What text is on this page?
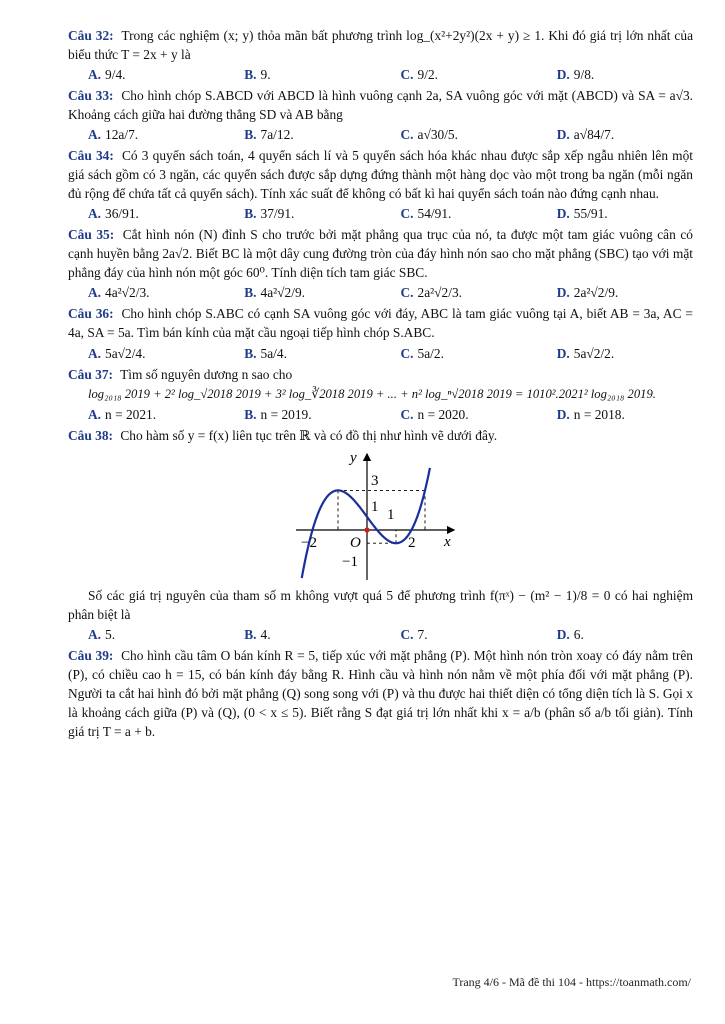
Câu 32: Trong các nghiệm (x; y) thỏa mãn bất phương trình log_(x²+2y²)(2x + y) ≥ 1. Khi đó giá trị lớn nhất của biểu thức T = 2x + y là
A. 9/4.	B. 9.	C. 9/2.	D. 9/8.
Câu 33: Cho hình chóp S.ABCD với ABCD là hình vuông cạnh 2a, SA vuông góc với mặt (ABCD) và SA = a√3. Khoảng cách giữa hai đường thẳng SD và AB bằng
A. 12a/7.	B. 7a/12.	C. a√30/5.	D. a√84/7.
Câu 34: Có 3 quyển sách toán, 4 quyển sách lí và 5 quyển sách hóa khác nhau được sắp xếp ngẫu nhiên lên một giá sách gồm có 3 ngăn, các quyển sách được sắp dựng đứng thành một hàng dọc vào một trong ba ngăn (mỗi ngăn đủ rộng để chứa tất cả quyển sách). Tính xác suất để không có bất kì hai quyển sách toán nào đứng cạnh nhau.
A. 36/91.	B. 37/91.	C. 54/91.	D. 55/91.
Câu 35: Cắt hình nón (N) đỉnh S cho trước bởi mặt phẳng qua trục của nó, ta được một tam giác vuông cân có cạnh huyền bằng 2a√2. Biết BC là một dây cung đường tròn của đáy hình nón sao cho mặt phẳng (SBC) tạo với mặt phẳng đáy của hình nón một góc 60⁰. Tính diện tích tam giác SBC.
A. 4a²√2/3.	B. 4a²√2/9.	C. 2a²√2/3.	D. 2a²√2/9.
Câu 36: Cho hình chóp S.ABC có cạnh SA vuông góc với đáy, ABC là tam giác vuông tại A, biết AB = 3a, AC = 4a, SA = 5a. Tìm bán kính của mặt cầu ngoại tiếp hình chóp S.ABC.
A. 5a√2/4.	B. 5a/4.	C. 5a/2.	D. 5a√2/2.
Câu 37: Tìm số nguyên dương n sao cho
log₂₀₁₈ 2019 + 2² log_√2018 2019 + 3² log_∛2018 2019 + ... + n² log_ⁿ√2018 2019 = 1010².2021² log₂₀₁₈ 2019.
A. n = 2021.	B. n = 2019.	C. n = 2020.	D. n = 2018.
Câu 38: Cho hàm số y = f(x) liên tục trên ℝ và có đồ thị như hình vẽ dưới đây.
y
x
O
−2
1
2
3
1
−1
Số các giá trị nguyên của tham số m không vượt quá 5 để phương trình f(πˣ) − (m² − 1)/8 = 0 có hai nghiệm phân biệt là
A. 5.	B. 4.	C. 7.	D. 6.
Câu 39: Cho hình cầu tâm O bán kính R = 5, tiếp xúc với mặt phẳng (P). Một hình nón tròn xoay có đáy nằm trên (P), có chiều cao h = 15, có bán kính đáy bằng R. Hình cầu và hình nón nằm về một phía đối với mặt phẳng (P). Người ta cắt hai hình đó bởi mặt phẳng (Q) song song với (P) và thu được hai thiết diện có tổng diện tích là S. Gọi x là khoảng cách giữa (P) và (Q), (0 < x ≤ 5). Biết rằng S đạt giá trị lớn nhất khi x = a/b (phân số a/b tối giản). Tính giá trị T = a + b.
Trang 4/6 - Mã đề thi 104 - https://toanmath.com/
